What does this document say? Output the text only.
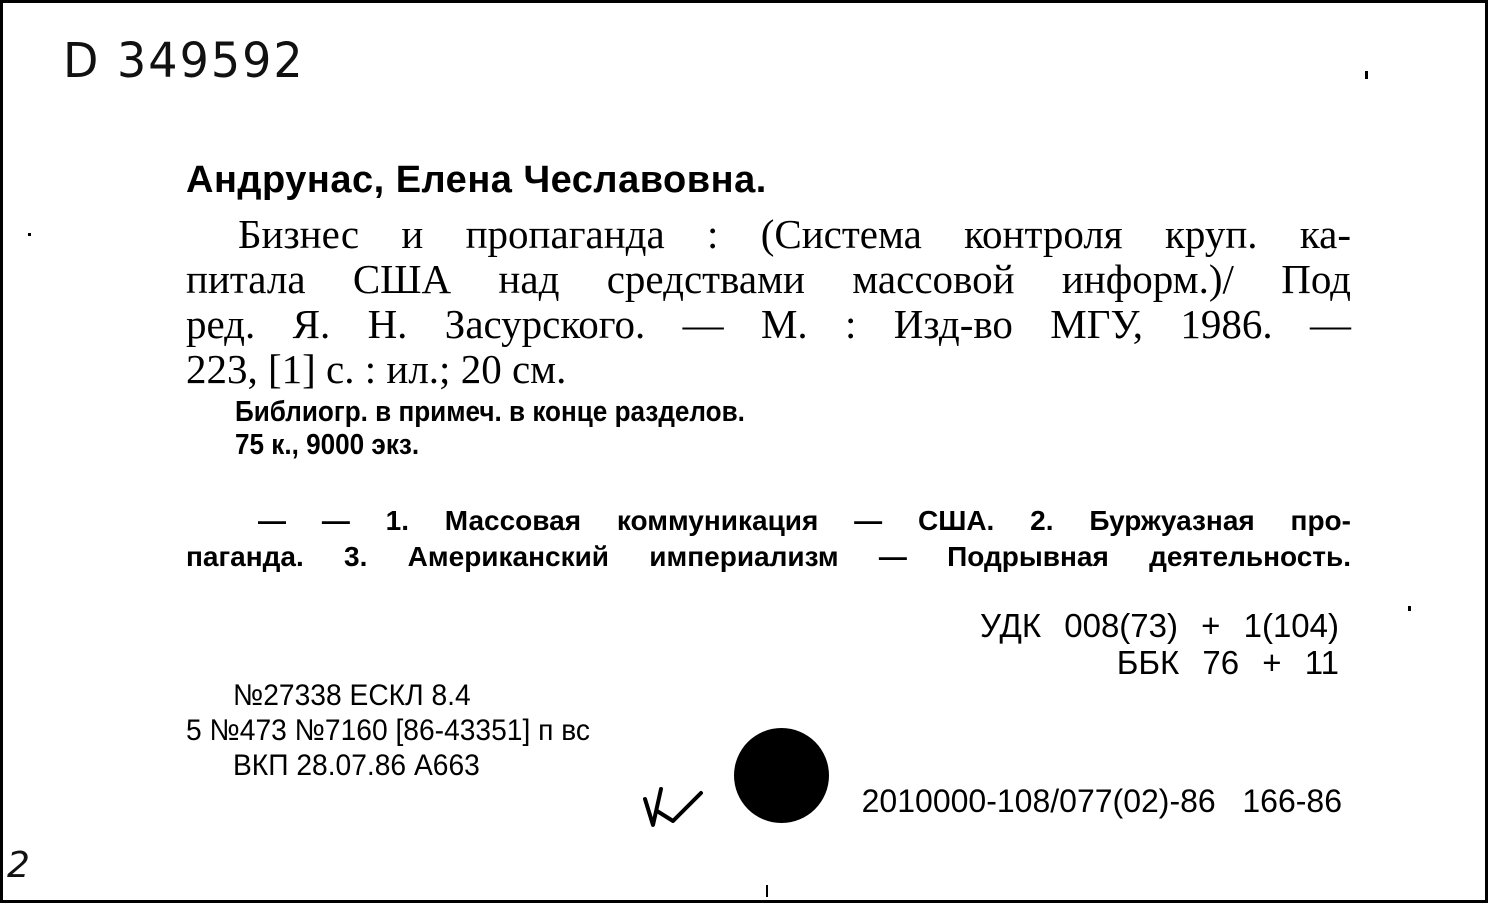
D 349592
Андрунас, Елена Чеславовна.
Бизнес и пропаганда : (Система контроля круп. ка-
питала США над средствами массовой информ.)/ Под
ред. Я. Н. Засурского. — М. : Изд-во МГУ, 1986. —
223, [1] с. : ил.; 20 см.
Библиогр. в примеч. в конце разделов.
75 к., 9000 экз.
— — 1. Массовая коммуникация — США. 2. Буржуазная про-
паганда. 3. Американский империализм — Подрывная деятельность.
УДК 008(73) + 1(104)
ББК 76 + 11
№27338 ЕСКЛ 8.4
5 №473 №7160 [86-43351] п вс
ВКП 28.07.86 А663
2010000-108/077(02)-86   166-86
2
